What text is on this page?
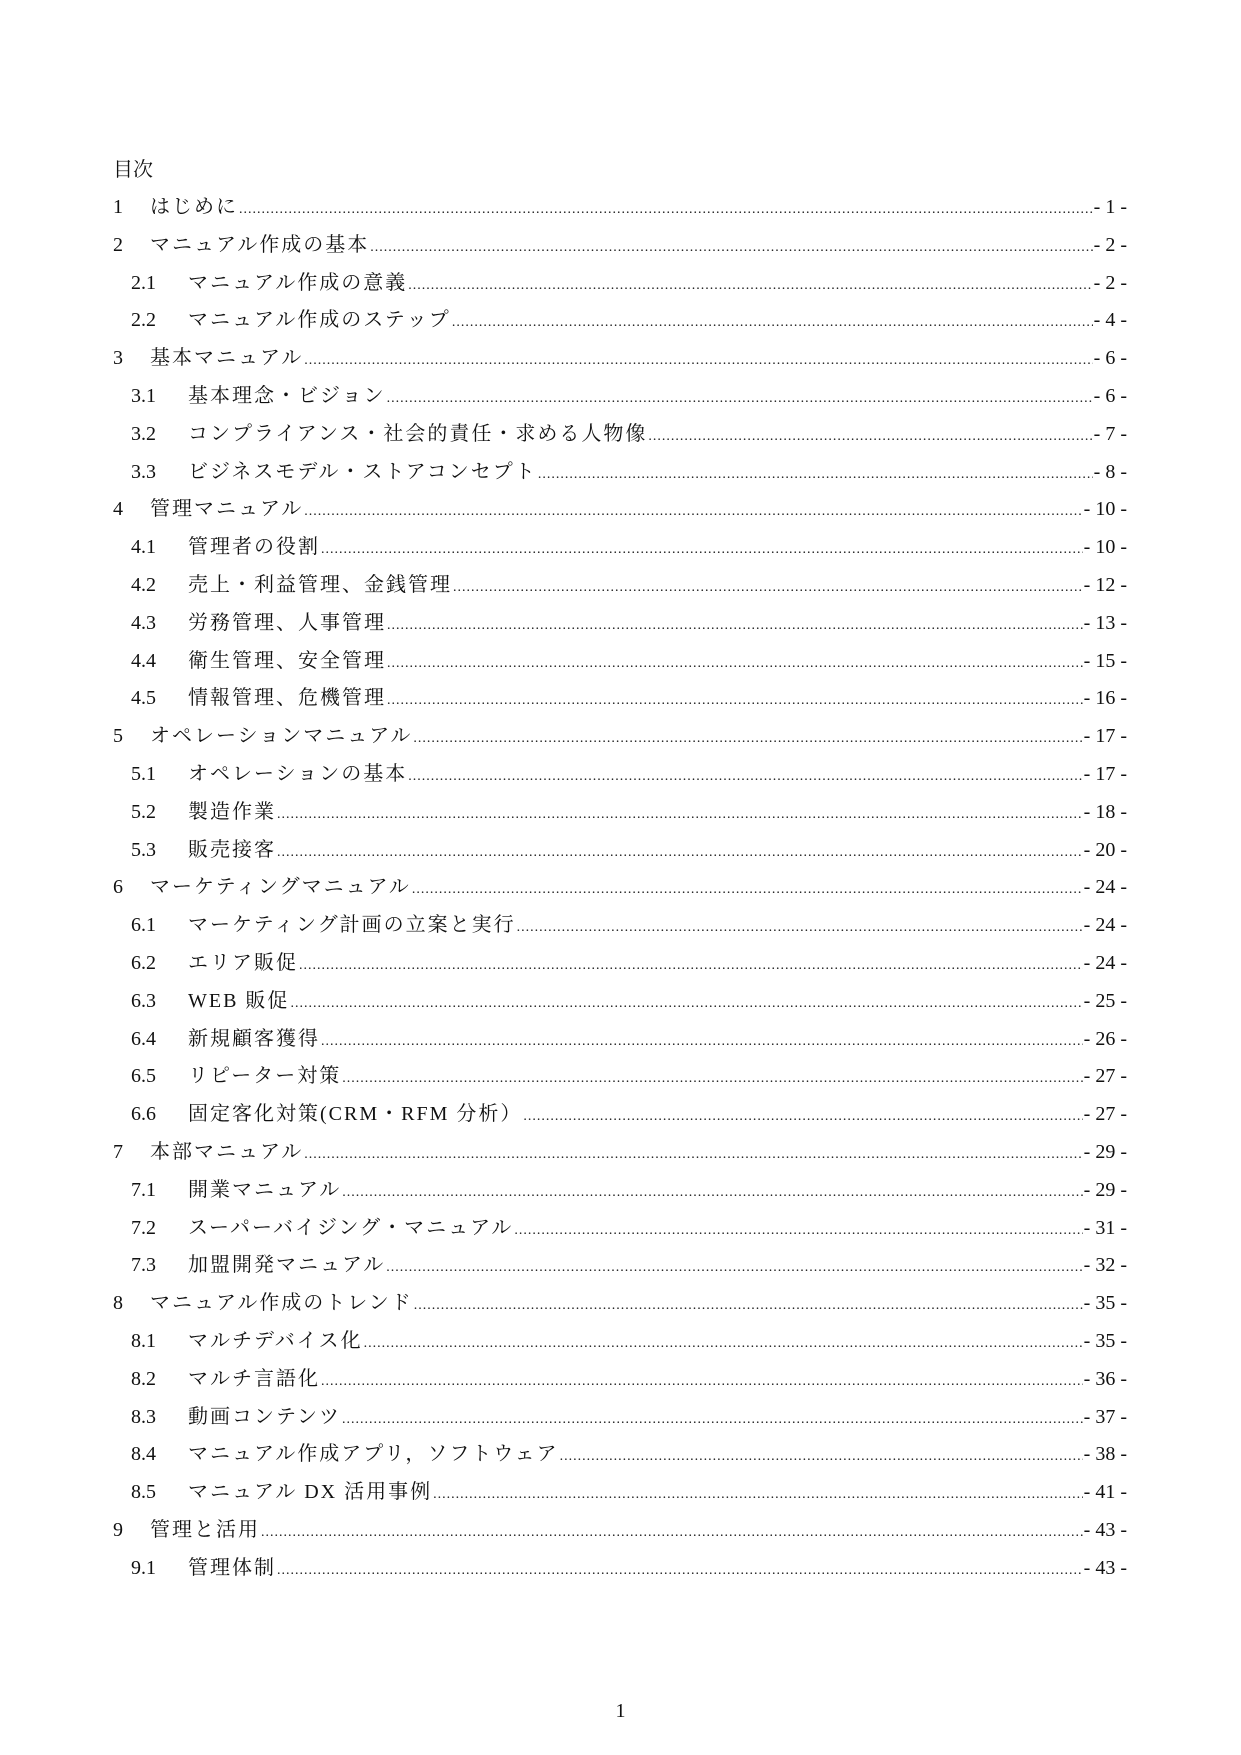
目次
1	はじめに .....	- 1 -
2	マニュアル作成の基本 .....	- 2 -
2.1	マニュアル作成の意義 .....	- 2 -
2.2	マニュアル作成のステップ .....	- 4 -
3	基本マニュアル .....	- 6 -
3.1	基本理念・ビジョン .....	- 6 -
3.2	コンプライアンス・社会的責任・求める人物像 .....	- 7 -
3.3	ビジネスモデル・ストアコンセプト .....	- 8 -
4	管理マニュアル .....	- 10 -
4.1	管理者の役割 .....	- 10 -
4.2	売上・利益管理、金銭管理 .....	- 12 -
4.3	労務管理、人事管理 .....	- 13 -
4.4	衛生管理、安全管理 .....	- 15 -
4.5	情報管理、危機管理 .....	- 16 -
5	オペレーションマニュアル .....	- 17 -
5.1	オペレーションの基本 .....	- 17 -
5.2	製造作業 .....	- 18 -
5.3	販売接客 .....	- 20 -
6	マーケティングマニュアル .....	- 24 -
6.1	マーケティング計画の立案と実行 .....	- 24 -
6.2	エリア販促 .....	- 24 -
6.3	WEB 販促 .....	- 25 -
6.4	新規顧客獲得 .....	- 26 -
6.5	リピーター対策 .....	- 27 -
6.6	固定客化対策(CRM・RFM 分析） .....	- 27 -
7	本部マニュアル .....	- 29 -
7.1	開業マニュアル .....	- 29 -
7.2	スーパーバイジング・マニュアル .....	- 31 -
7.3	加盟開発マニュアル .....	- 32 -
8	マニュアル作成のトレンド .....	- 35 -
8.1	マルチデバイス化 .....	- 35 -
8.2	マルチ言語化 .....	- 36 -
8.3	動画コンテンツ .....	- 37 -
8.4	マニュアル作成アプリ，ソフトウェア .....	- 38 -
8.5	マニュアル DX 活用事例 .....	- 41 -
9	管理と活用 .....	- 43 -
9.1	管理体制 .....	- 43 -
1
